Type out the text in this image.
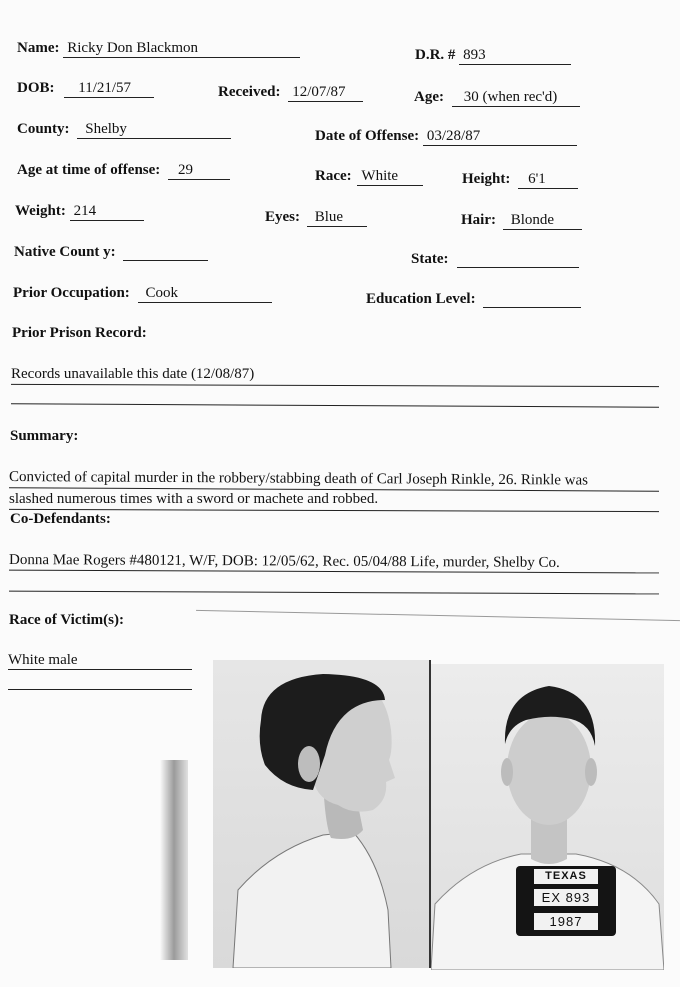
Name: Ricky Don Blackmon	D.R. # 893
DOB: 11/21/57	Received: 12/07/87	Age: 30 (when rec'd)
County: Shelby	Date of Offense: 03/28/87
Age at time of offense: 29	Race: White	Height: 6'1
Weight: 214	Eyes: Blue	Hair: Blonde
Native Count y:	State:
Prior Occupation: Cook	Education Level:
Prior Prison Record:
Records unavailable this date (12/08/87)
Summary:
Convicted of capital murder in the robbery/stabbing death of Carl Joseph Rinkle, 26. Rinkle was
slashed numerous times with a sword or machete and robbed.
Co-Defendants:
Donna Mae Rogers #480121, W/F, DOB: 12/05/62, Rec. 05/04/88 Life, murder, Shelby Co.
Race of Victim(s):
White male
TEXAS
EX 893
1987
